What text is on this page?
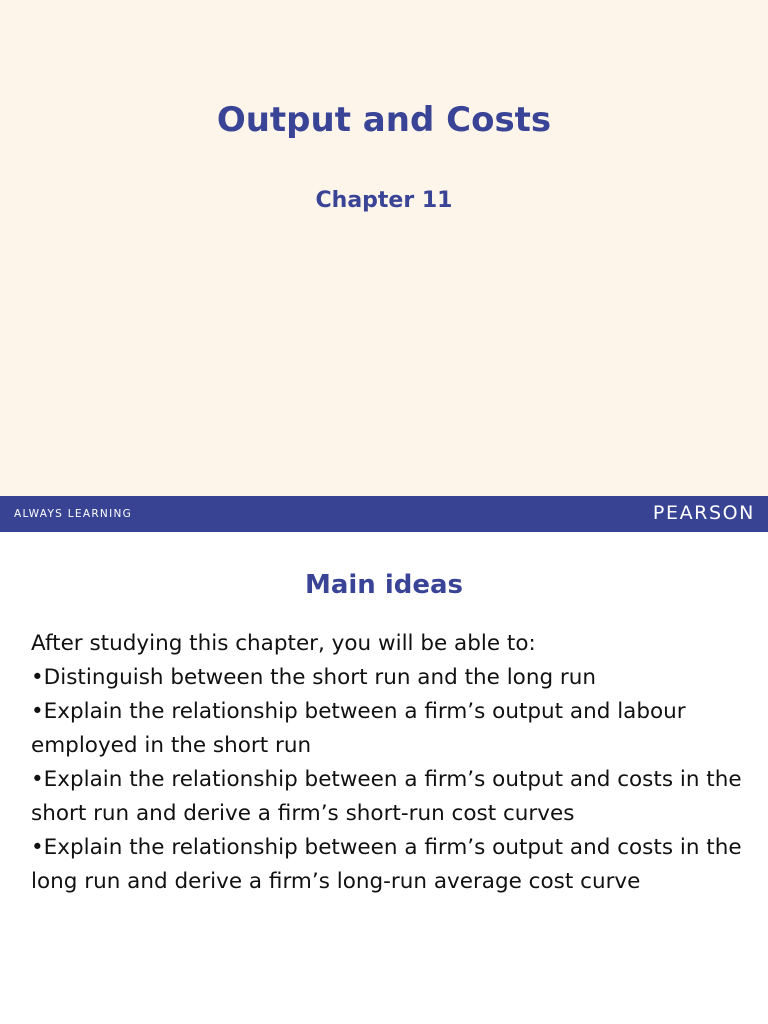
Output and Costs
Chapter 11
ALWAYS LEARNING	PEARSON
Main ideas

After studying this chapter, you will be able to:

•Distinguish between the short run and the long run

•Explain the relationship between a firm’s output and labour employed in the short run

•Explain the relationship between a firm’s output and costs in the short run and derive a firm’s short-run cost curves

•Explain the relationship between a firm’s output and costs in the long run and derive a firm’s long-run average cost curve
